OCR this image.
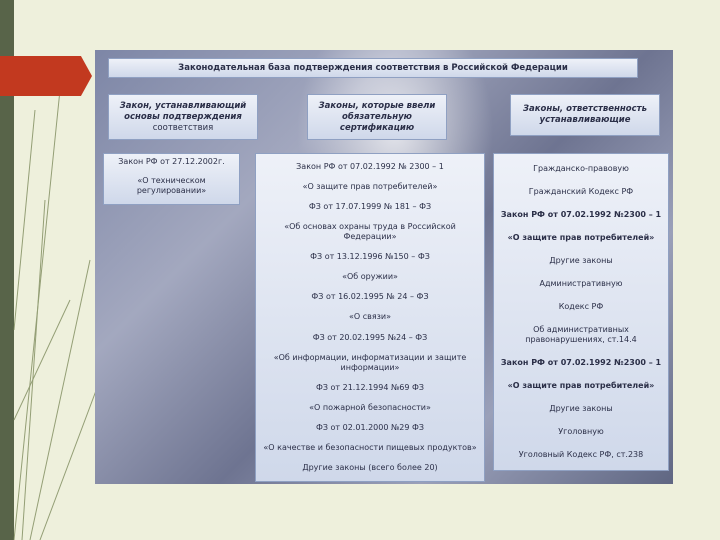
Законодательная база подтверждения соответствия в Российской Федерации
Закон, устанавливающий
основы подтверждения
соответствия
Законы, которые ввели
обязательную
сертификацию
Законы, ответственность
устанавливающие
Закон РФ от 27.12.2002г.
«О техническом регулировании»
Закон РФ от 07.02.1992 № 2300 – 1
«О защите прав потребителей»
ФЗ от 17.07.1999 № 181 – ФЗ
«Об основах охраны труда в Российской Федерации»
ФЗ от 13.12.1996 №150 – ФЗ
«Об оружии»
ФЗ от 16.02.1995 № 24 – ФЗ
«О связи»
ФЗ от 20.02.1995 №24 – ФЗ
«Об информации, информатизации и защите информации»
ФЗ от 21.12.1994 №69 ФЗ
«О пожарной безопасности»
ФЗ от 02.01.2000 №29 ФЗ
«О качестве и безопасности пищевых продуктов»
Другие законы (всего более 20)
Гражданско-правовую
Гражданский Кодекс РФ
Закон РФ от 07.02.1992 №2300 – 1
«О защите прав потребителей»
Другие законы
Административную
Кодекс РФ
Об административных правонарушениях, ст.14.4
Закон РФ от 07.02.1992 №2300 – 1
«О защите прав потребителей»
Другие законы
Уголовную
Уголовный Кодекс РФ, ст.238
